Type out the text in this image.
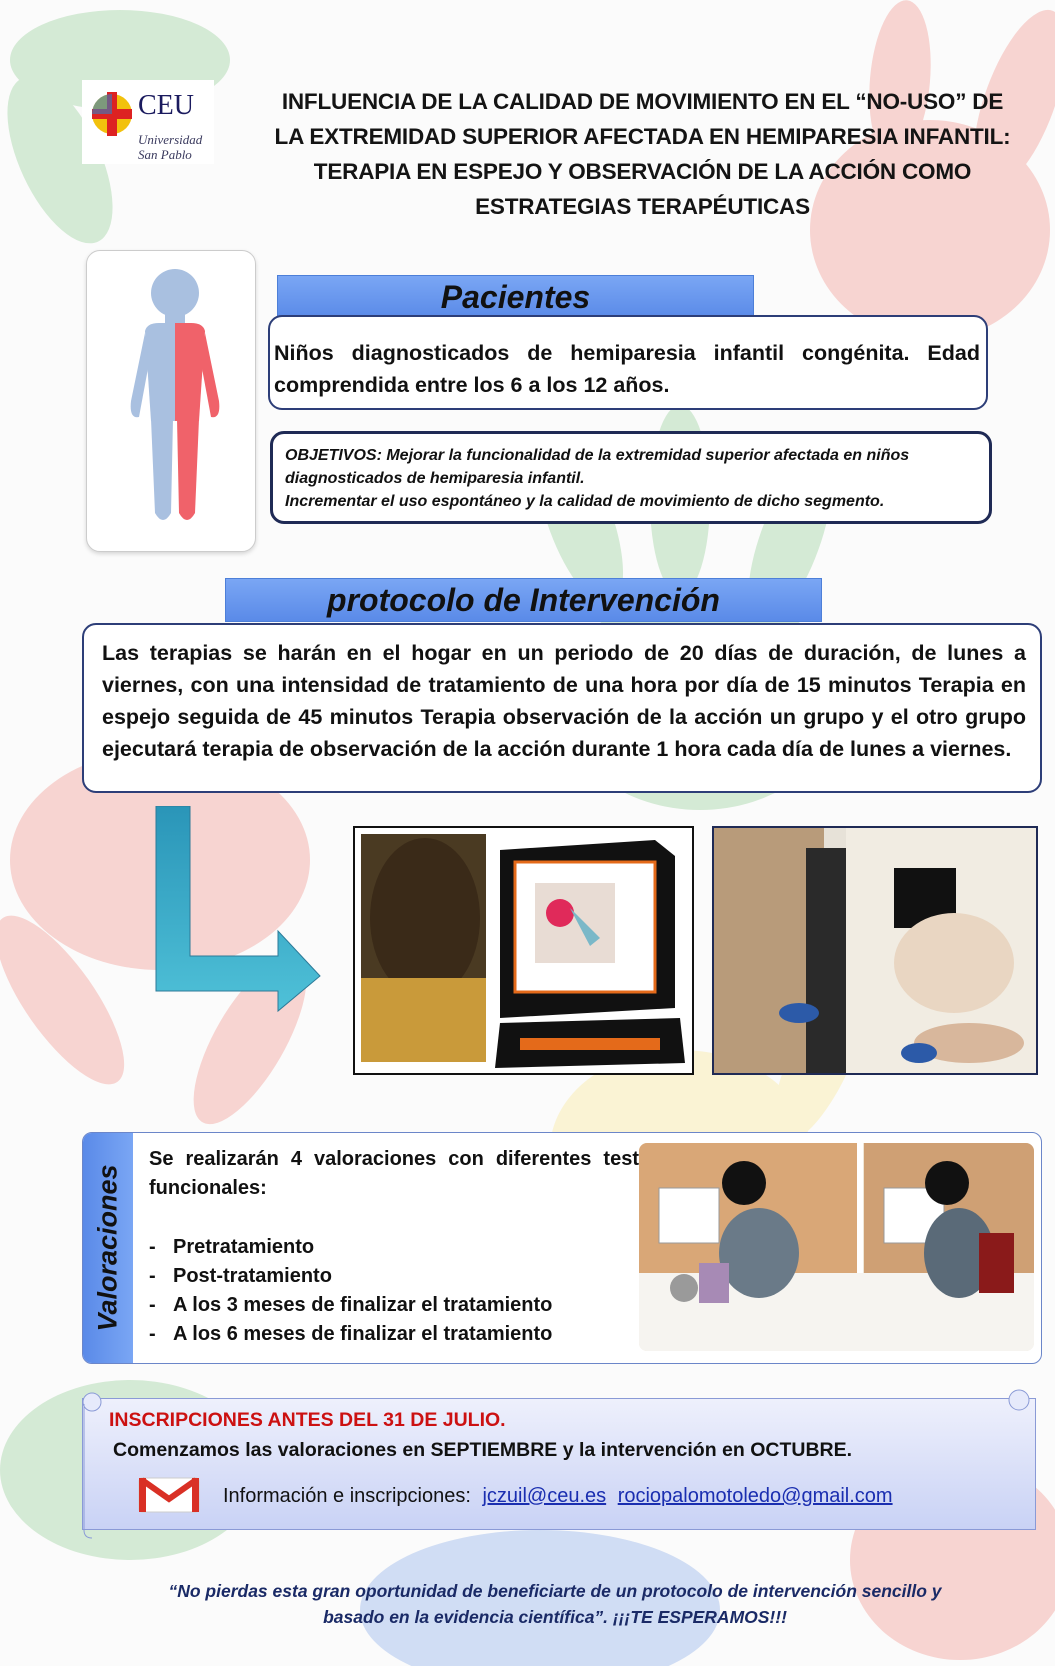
CEU
Universidad
San Pablo
INFLUENCIA DE LA CALIDAD DE MOVIMIENTO EN EL “NO-USO” DE
LA EXTREMIDAD SUPERIOR AFECTADA EN HEMIPARESIA INFANTIL:
TERAPIA EN ESPEJO Y OBSERVACIÓN DE LA ACCIÓN COMO
ESTRATEGIAS TERAPÉUTICAS
Pacientes
Niños diagnosticados de hemiparesia infantil congénita. Edad comprendida entre los 6 a los 12 años.
OBJETIVOS: Mejorar la funcionalidad de la extremidad superior afectada en niños diagnosticados de hemiparesia infantil.
Incrementar el uso espontáneo y la calidad de movimiento de dicho segmento.
protocolo de Intervención
Las terapias se harán en el hogar en un periodo de 20 días de duración, de lunes a viernes, con una intensidad de tratamiento de una hora por día de 15 minutos Terapia en espejo seguida de 45 minutos Terapia observación de la acción un grupo y el otro grupo ejecutará terapia de observación de la acción durante 1 hora cada día de lunes a viernes.
Valoraciones
Se realizarán 4 valoraciones con diferentes test funcionales:
- Pretratamiento
- Post-tratamiento
- A los 3 meses de finalizar el tratamiento
- A los 6 meses de finalizar el tratamiento
INSCRIPCIONES ANTES DEL 31 DE JULIO.
Comenzamos las valoraciones en SEPTIEMBRE y la intervención en OCTUBRE.
Información e inscripciones: jczuil@ceu.es rociopalomotoledo@gmail.com
“No pierdas esta gran oportunidad de beneficiarte de un protocolo de intervención sencillo y
basado en la evidencia científica”. ¡¡¡TE ESPERAMOS!!!
